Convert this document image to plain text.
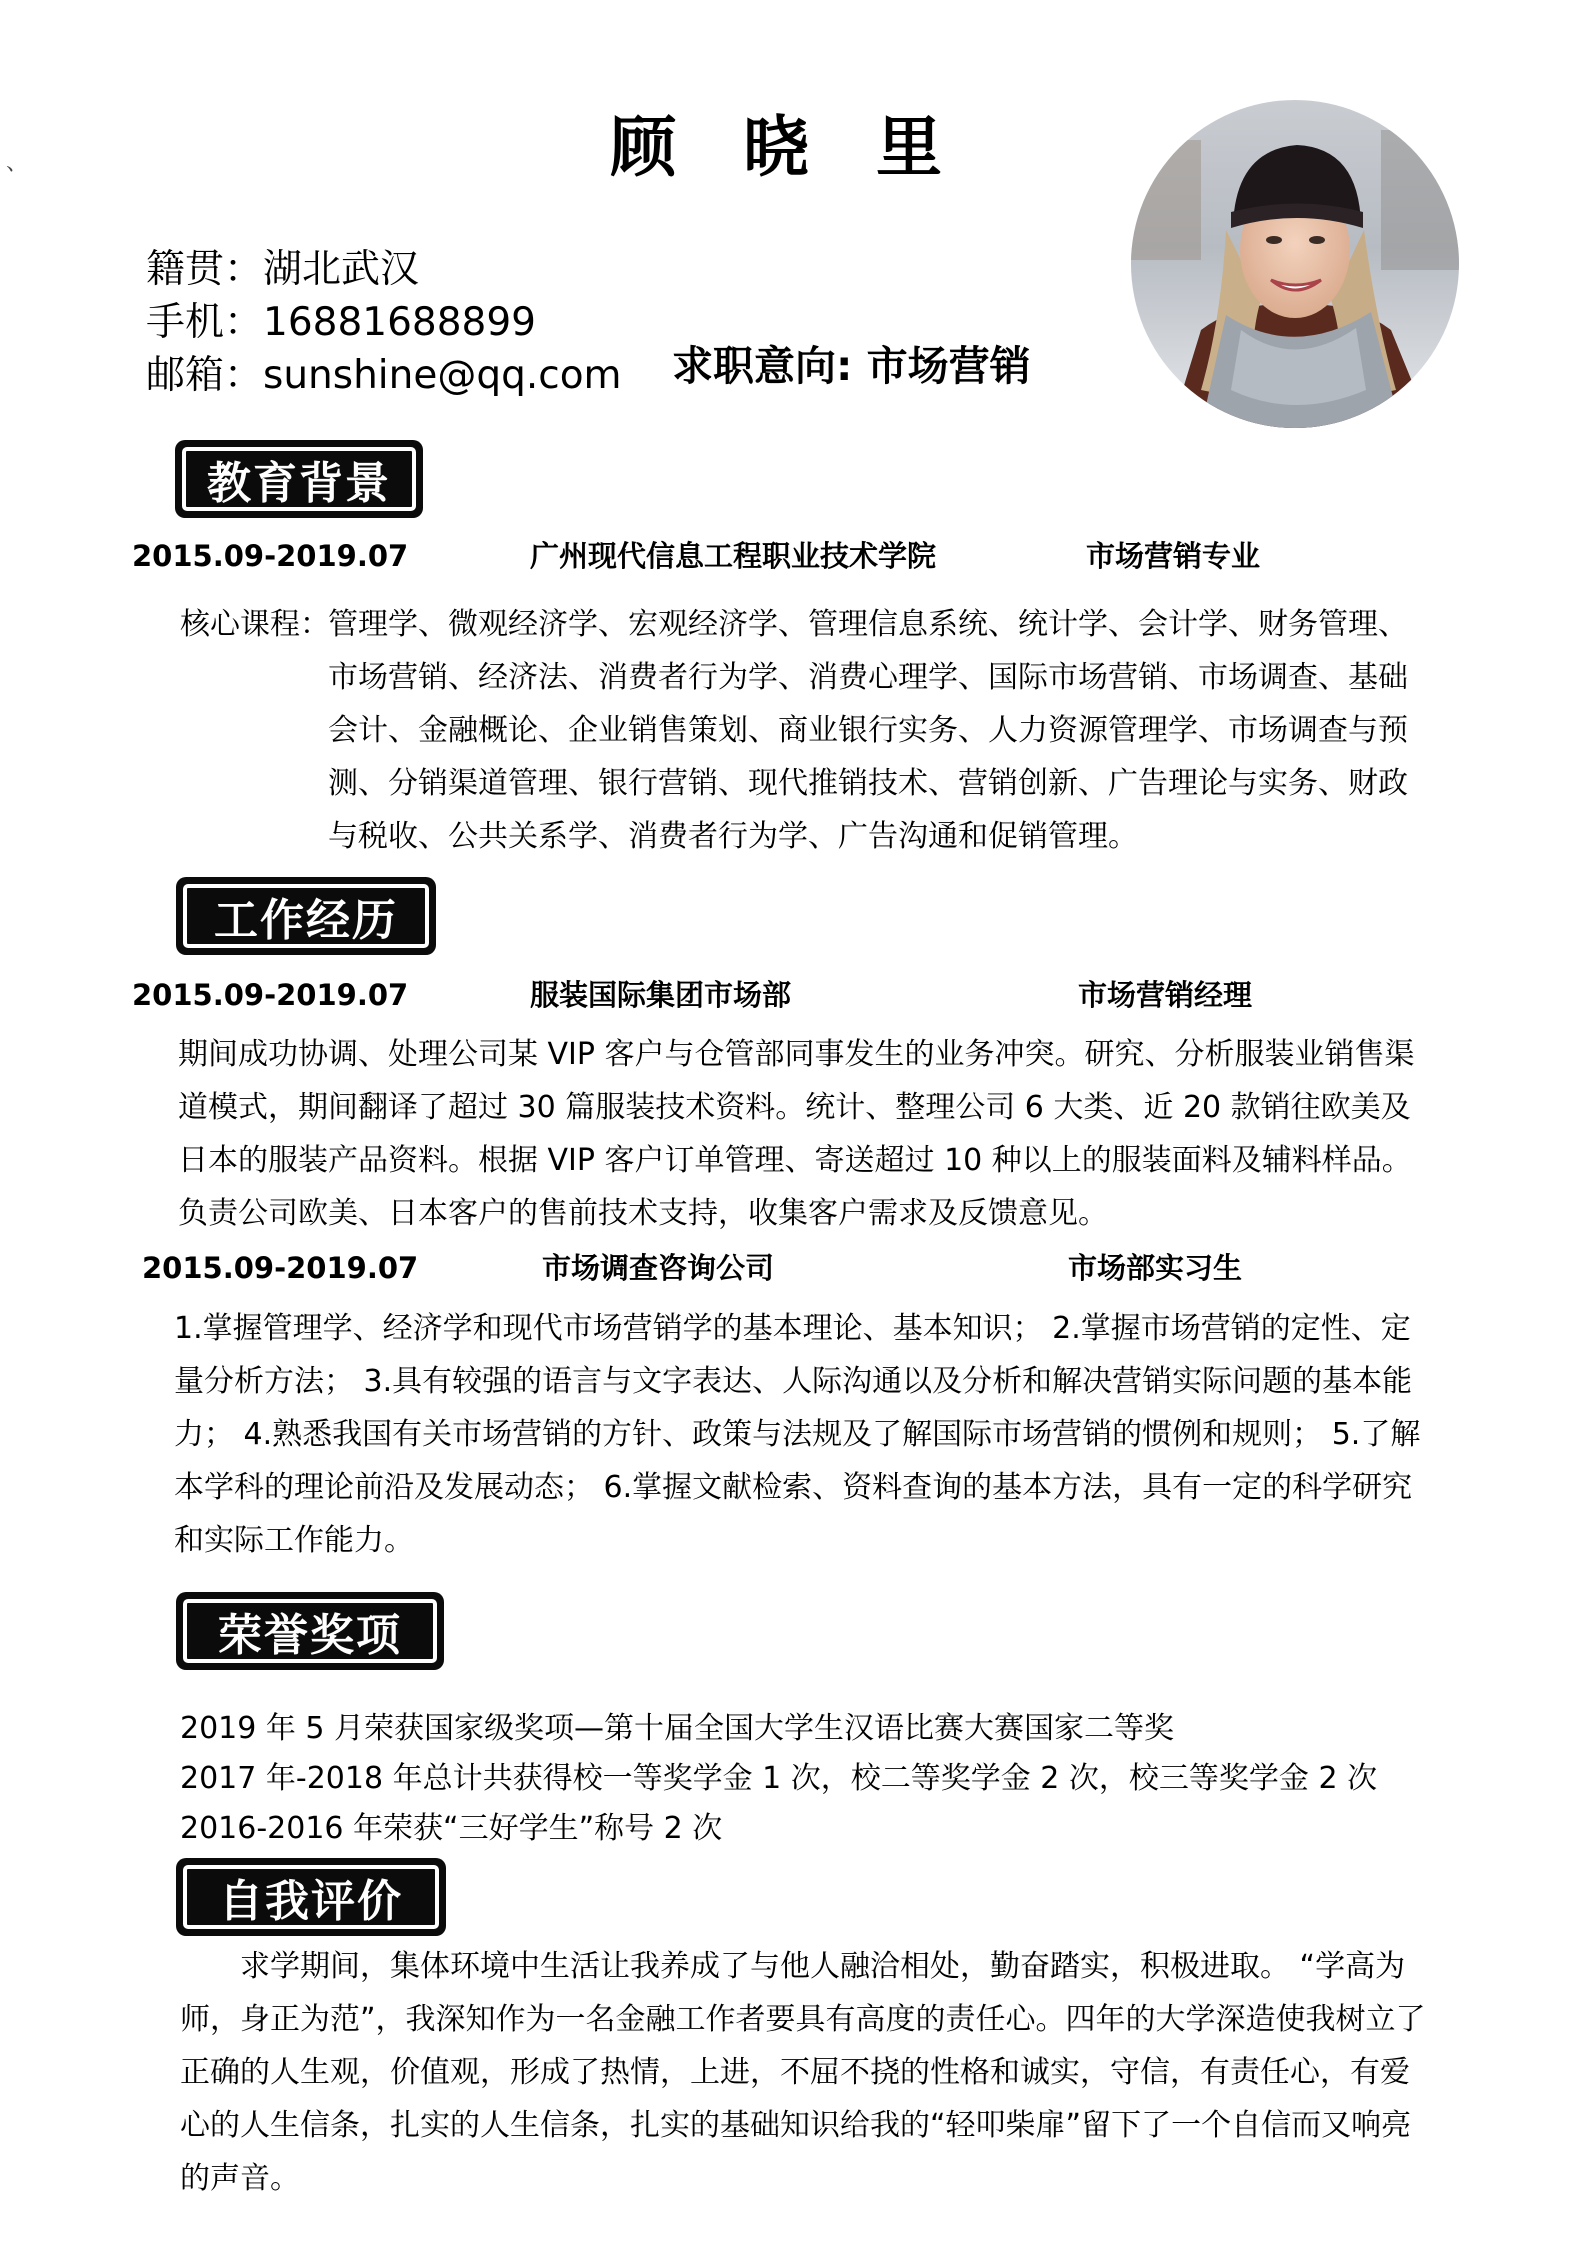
、	顾 晓 里
籍贯：湖北武汉
手机：16881688899
邮箱：sunshine@qq.com 求职意向: 市场营销
教育背景
2015.09-2019.07	广州现代信息工程职业技术学院	市场营销专业
核心课程：
管理学、微观经济学、宏观经济学、管理信息系统、统计学、会计学、财务管理、市场营销、经济法、消费者行为学、消费心理学、国际市场营销、市场调查、基础会计、金融概论、企业销售策划、商业银行实务、人力资源管理学、市场调查与预测、分销渠道管理、银行营销、现代推销技术、营销创新、广告理论与实务、财政与税收、公共关系学、消费者行为学、广告沟通和促销管理。
工作经历
2015.09-2019.07	服装国际集团市场部	市场营销经理
期间成功协调、处理公司某 VIP 客户与仓管部同事发生的业务冲突。研究、分析服装业销售渠道模式，期间翻译了超过 30 篇服装技术资料。统计、整理公司 6 大类、近 20 款销往欧美及日本的服装产品资料。根据 VIP 客户订单管理、寄送超过 10 种以上的服装面料及辅料样品。负责公司欧美、日本客户的售前技术支持，收集客户需求及反馈意见。
2015.09-2019.07	市场调查咨询公司	市场部实习生
1.掌握管理学、经济学和现代市场营销学的基本理论、基本知识； 2.掌握市场营销的定性、定量分析方法； 3.具有较强的语言与文字表达、人际沟通以及分析和解决营销实际问题的基本能力； 4.熟悉我国有关市场营销的方针、政策与法规及了解国际市场营销的惯例和规则； 5.了解本学科的理论前沿及发展动态； 6.掌握文献检索、资料查询的基本方法，具有一定的科学研究和实际工作能力。
荣誉奖项
2019 年 5 月荣获国家级奖项—第十届全国大学生汉语比赛大赛国家二等奖
2017 年-2018 年总计共获得校一等奖学金 1 次，校二等奖学金 2 次，校三等奖学金 2 次
2016-2016 年荣获“三好学生”称号 2 次
自我评价
求学期间，集体环境中生活让我养成了与他人融洽相处，勤奋踏实，积极进取。 “学高为师，身正为范”，我深知作为一名金融工作者要具有高度的责任心。四年的大学深造使我树立了正确的人生观，价值观，形成了热情，上进，不屈不挠的性格和诚实，守信，有责任心，有爱心的人生信条，扎实的人生信条，扎实的基础知识给我的“轻叩柴扉”留下了一个自信而又响亮的声音。
